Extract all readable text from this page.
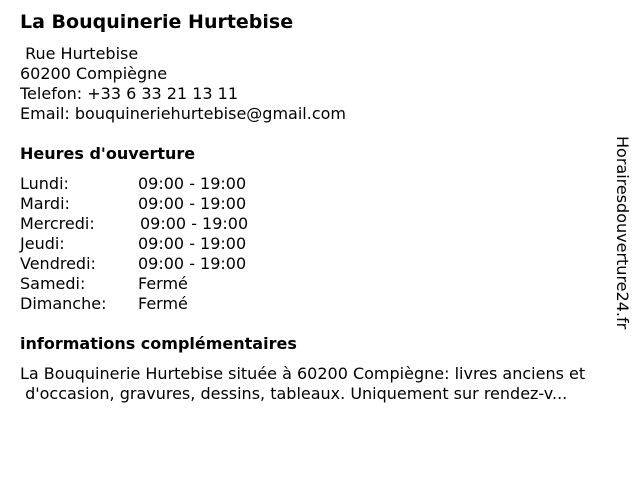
La Bouquinerie Hurtebise
Rue Hurtebise
60200 Compiègne
Telefon: +33 6 33 21 13 11
Email: bouquineriehurtebise@gmail.com
Heures d'ouverture
Lundi:	09:00 - 19:00
Mardi:	09:00 - 19:00
Mercredi:	09:00 - 19:00
Jeudi:	09:00 - 19:00
Vendredi:	09:00 - 19:00
Samedi:	Fermé
Dimanche: Fermé
informations complémentaires
La Bouquinerie Hurtebise située à 60200 Compiègne: livres anciens et
d'occasion, gravures, dessins, tableaux. Uniquement sur rendez-v...
Horairesdouverture24.fr
